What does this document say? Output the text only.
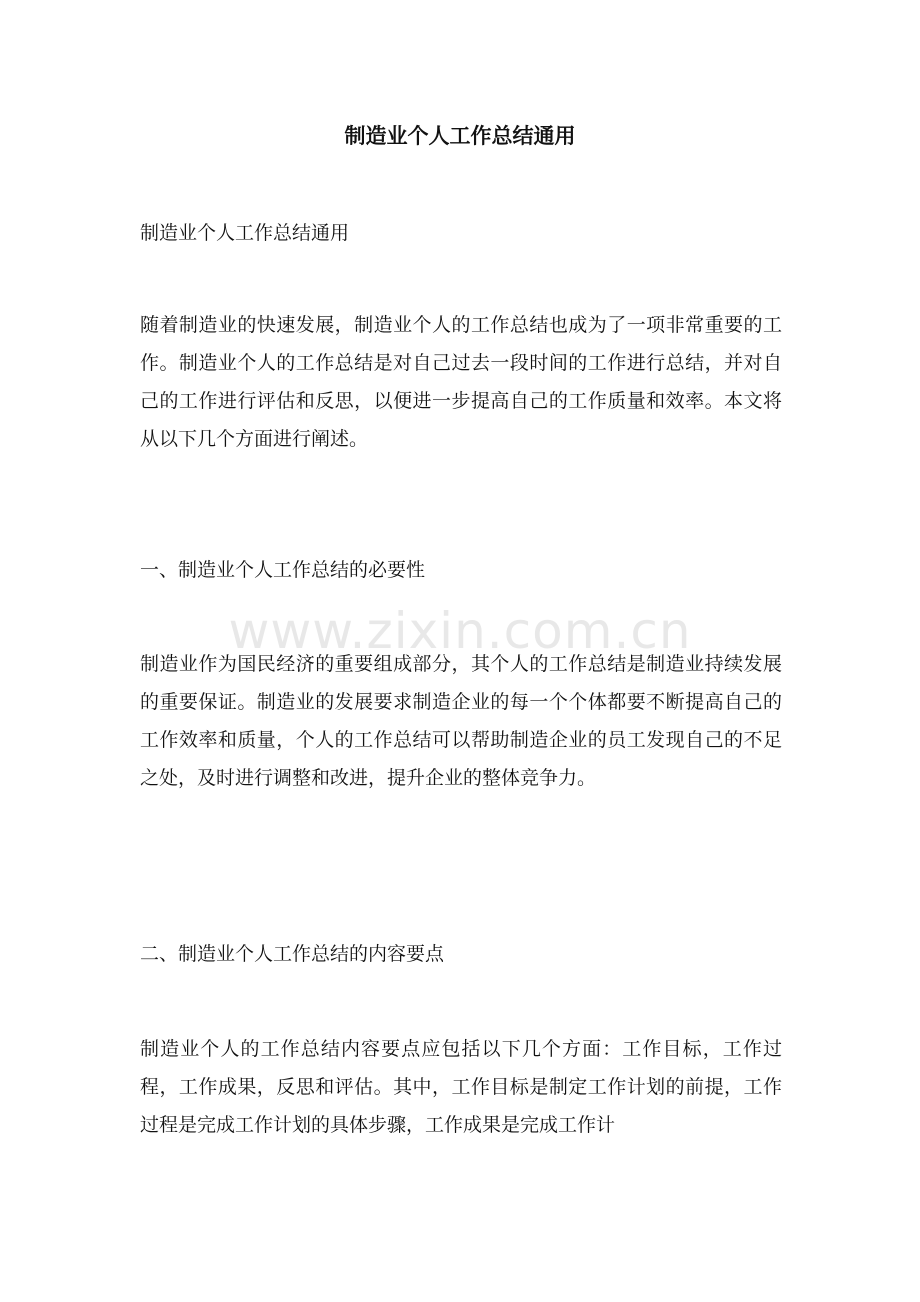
制造业个人工作总结通用

制造业个人工作总结通用

随着制造业的快速发展，制造业个人的工作总结也成为了一项非常重要的工作。制造业个人的工作总结是对自己过去一段时间的工作进行总结，并对自己的工作进行评估和反思，以便进一步提高自己的工作质量和效率。本文将从以下几个方面进行阐述。

一、制造业个人工作总结的必要性

www.zixin.com.cn

制造业作为国民经济的重要组成部分，其个人的工作总结是制造业持续发展的重要保证。制造业的发展要求制造企业的每一个个体都要不断提高自己的工作效率和质量，个人的工作总结可以帮助制造企业的员工发现自己的不足之处，及时进行调整和改进，提升企业的整体竞争力。

二、制造业个人工作总结的内容要点

制造业个人的工作总结内容要点应包括以下几个方面：工作目标，工作过程，工作成果，反思和评估。其中，工作目标是制定工作计划的前提，工作过程是完成工作计划的具体步骤，工作成果是完成工作计
